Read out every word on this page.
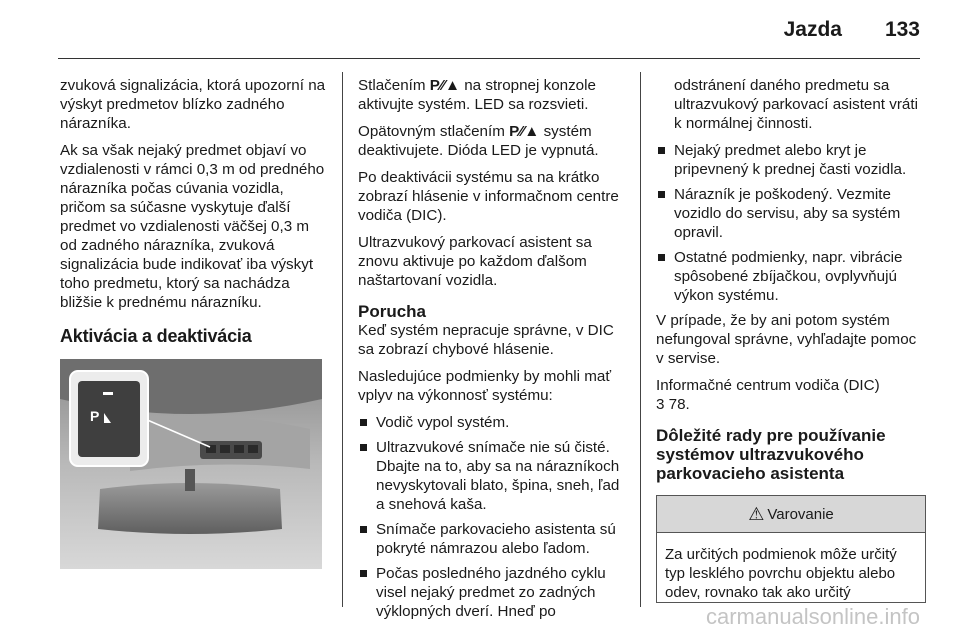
Jazda 133

zvuková signalizácia, ktorá upozorní na výskyt predmetov blízko zadného nárazníka.

Ak sa však nejaký predmet objaví vo vzdialenosti v rámci 0,3 m od predného nárazníka počas cúvania vozidla, pričom sa súčasne vyskytuje ďalší predmet vo vzdialenosti väčšej 0,3 m od zadného nárazníka, zvuková signalizácia bude indikovať iba výskyt toho predmetu, ktorý sa nachádza bližšie k prednému nárazníku.

Aktivácia a deaktivácia
P

Stlačením P⁄⁄▲ na stropnej konzole aktivujte systém. LED sa rozsvieti.

Opätovným stlačením P⁄⁄▲ systém deaktivujete. Dióda LED je vypnutá.

Po deaktivácii systému sa na krátko zobrazí hlásenie v informačnom centre vodiča (DIC).

Ultrazvukový parkovací asistent sa znovu aktivuje po každom ďalšom naštartovaní vozidla.

Porucha

Keď systém nepracuje správne, v DIC sa zobrazí chybové hlásenie.

Nasledujúce podmienky by mohli mať vplyv na výkonnosť systému:

Vodič vypol systém.
Ultrazvukové snímače nie sú čisté. Dbajte na to, aby sa na nárazníkoch nevyskytovali blato, špina, sneh, ľad a snehová kaša.
Snímače parkovacieho asistenta sú pokryté námrazou alebo ľadom.
Počas posledného jazdného cyklu visel nejaký predmet zo zadných výklopných dverí. Hneď po

odstránení daného predmetu sa ultrazvukový parkovací asistent vráti k normálnej činnosti.

Nejaký predmet alebo kryt je pripevnený k prednej časti vozidla.
Nárazník je poškodený. Vezmite vozidlo do servisu, aby sa systém opravil.
Ostatné podmienky, napr. vibrácie spôsobené zbíjačkou, ovplyvňujú výkon systému.

V prípade, že by ani potom systém nefungoval správne, vyhľadajte pomoc v servise.

Informačné centrum vodiča (DIC)
3 78.

Dôležité rady pre používanie systémov ultrazvukového parkovacieho asistenta
⚠ Varovanie
Za určitých podmienok môže určitý typ lesklého povrchu objektu alebo odev, rovnako tak ako určitý
carmanualsonline.info
